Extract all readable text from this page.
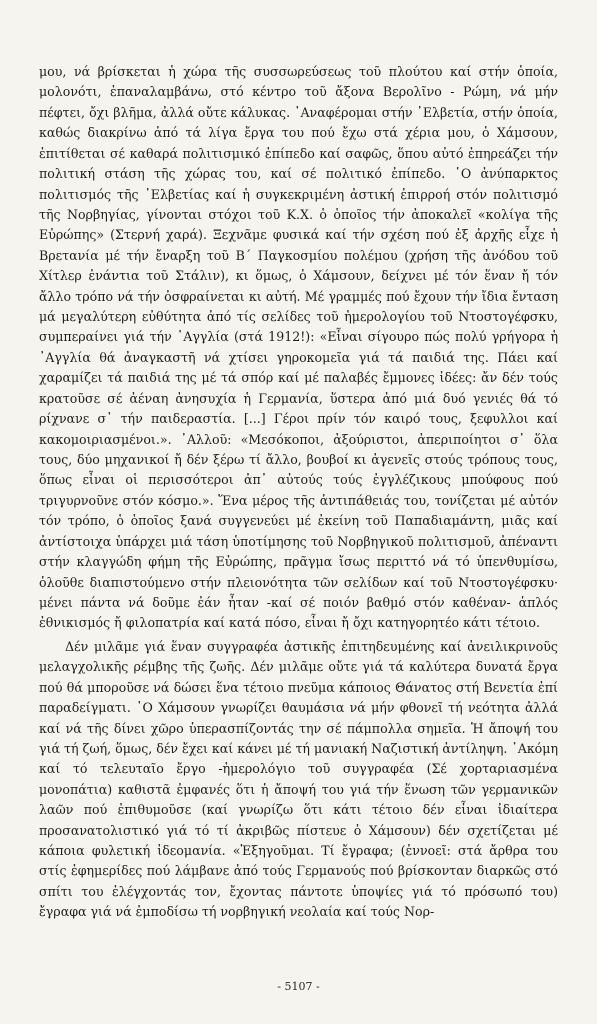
μου, νά βρίσκεται ἡ χώρα τῆς συσσωρεύσεως τοῦ πλούτου καί στήν ὁποία, μολονότι, ἐπαναλαμβάνω, στό κέντρο τοῦ ἄξονα Βερολῖνο - Ρώμη, νά μήν πέφτει, ὄχι βλῆμα, ἀλλά οὔτε κάλυκας. ᾽Αναφέρομαι στήν ᾽Ελβετία, στήν ὁποία, καθώς διακρίνω ἀπό τά λίγα ἔργα του πού ἔχω στά χέρια μου, ὁ Χάμσουν, ἐπιτίθεται σέ καθαρά πολιτισμικό ἐπίπεδο καί σαφῶς, ὅπου αὐτό ἐπηρεάζει τήν πολιτική στάση τῆς χώρας του, καί σέ πολιτικό ἐπίπεδο. ῾Ο ἀνύπαρκτος πολιτισμός τῆς ᾽Ελβετίας καί ἡ συγκεκριμένη ἀστική ἐπιρροή στόν πολιτισμό τῆς Νορβηγίας, γίνονται στόχοι τοῦ Κ.Χ. ὁ ὁποῖος τήν ἀποκαλεῖ «κολίγα τῆς Εὐρώπης» (Στερνή χαρά). Ξεχνᾶμε φυσικά καί τήν σχέση πού ἐξ ἀρχῆς εἶχε ἡ Βρετανία μέ τήν ἔναρξη τοῦ Β΄ Παγκοσμίου πολέμου (χρήση τῆς ἀνόδου τοῦ Χίτλερ ἐνάντια τοῦ Στάλιν), κι ὅμως, ὁ Χάμσουν, δείχνει μέ τόν ἕναν ἤ τόν ἄλλο τρόπο νά τήν ὀσφραίνεται κι αὐτή. Μέ γραμμές πού ἔχουν τήν ἴδια ἔνταση μά μεγαλύτερη εὐθύτητα ἀπό τίς σελίδες τοῦ ἡμερολογίου τοῦ Ντοστογέφσκυ, συμπεραίνει γιά τήν ᾽Αγγλία (στά 1912!): «Εἶναι σίγουρο πώς πολύ γρήγορα ἡ ᾽Αγγλία θά ἀναγκαστῆ νά χτίσει γηροκομεῖα γιά τά παιδιά της. Πάει καί χαραμίζει τά παιδιά της μέ τά σπόρ καί μέ παλαβές ἔμμονες ἰδέες: ἄν δέν τούς κρατοῦσε σέ ἀέναη ἀνησυχία ἡ Γερμανία, ὕστερα ἀπό μιά δυό γενιές θά τό ρίχνανε σ᾽ τήν παιδεραστία. [...] Γέροι πρίν τόν καιρό τους, ξεφυλλοι καί κακομοιριασμένοι.». ᾽Αλλοῦ: «Μεσόκοποι, ἀξούριστοι, ἀπεριποίητοι σ᾽ ὅλα τους, δύο μηχανικοί ἤ δέν ξέρω τί ἄλλο, βουβοί κι ἀγενεῖς στούς τρόπους τους, ὅπως εἶναι οἱ περισσότεροι ἀπ᾽ αὐτούς τούς ἐγγλέζικους μπούφους πού τριγυρνοῦνε στόν κόσμο.». Ἕνα μέρος τῆς ἀντιπάθειάς του, τονίζεται μέ αὐτόν τόν τρόπο, ὁ ὁποῖος ξανά συγγενεύει μέ ἐκείνη τοῦ Παπαδιαμάντη, μιᾶς καί ἀντίστοιχα ὑπάρχει μιά τάση ὑποτίμησης τοῦ Νορβηγικοῦ πολιτισμοῦ, ἀπέναντι στήν κλαγγώδη φήμη τῆς Εὐρώπης, πρᾶγμα ἴσως περιττό νά τό ὑπενθυμίσω, ὁλοῦθε διαπιστούμενο στήν πλειονότητα τῶν σελίδων καί τοῦ Ντοστογέφσκυ· μένει πάντα νά δοῦμε ἐάν ἦταν -καί σέ ποιόν βαθμό στόν καθέναν- ἁπλός ἐθνικισμός ἤ φιλοπατρία καί κατά πόσο, εἶναι ἤ ὄχι κατηγορητέο κάτι τέτοιο.

Δέν μιλᾶμε γιά ἕναν συγγραφέα ἀστικῆς ἐπιτηδευμένης καί ἀνειλικρινοῦς μελαγχολικῆς ρέμβης τῆς ζωῆς. Δέν μιλᾶμε οὔτε γιά τά καλύτερα δυνατά ἔργα πού θά μποροῦσε νά δώσει ἕνα τέτοιο πνεῦμα κάποιος Θάνατος στή Βενετία ἐπί παραδείγματι. ῾Ο Χάμσουν γνωρίζει θαυμάσια νά μήν φθονεῖ τή νεότητα ἀλλά καί νά τῆς δίνει χῶρο ὑπερασπίζοντάς την σέ πάμπολλα σημεῖα. Ἡ ἄποψή του γιά τή ζωή, ὅμως, δέν ἔχει καί κάνει μέ τή μανιακή Ναζιστική ἀντίληψη. ᾽Ακόμη καί τό τελευταῖο ἔργο -ἡμερολόγιο τοῦ συγγραφέα (Σέ χορταριασμένα μονοπάτια) καθιστᾶ ἐμφανές ὅτι ἡ ἄποψή του γιά τήν ἕνωση τῶν γερμανικῶν λαῶν πού ἐπιθυμοῦσε (καί γνωρίζω ὅτι κάτι τέτοιο δέν εἶναι ἰδιαίτερα προσανατολιστικό γιά τό τί ἀκριβῶς πίστευε ὁ Χάμσουν) δέν σχετίζεται μέ κάποια φυλετική ἰδεομανία. «Ἐξηγοῦμαι. Τί ἔγραφα; (ἐννοεῖ: στά ἄρθρα του στίς ἐφημερίδες πού λάμβανε ἀπό τούς Γερμανούς πού βρίσκονταν διαρκῶς στό σπίτι του ἐλέγχοντάς τον, ἔχοντας πάντοτε ὑποψίες γιά τό πρόσωπό του) ἔγραφα γιά νά ἐμποδίσω τή νορβηγική νεολαία καί τούς Νορ-

- 5107 -
